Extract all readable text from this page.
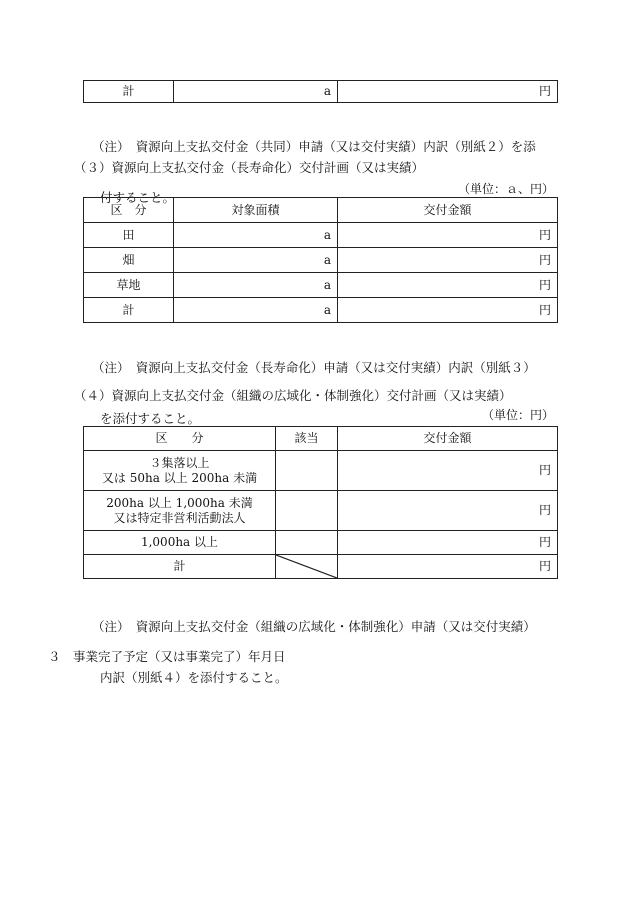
計	a	円

（注）　資源向上支払交付金（共同）申請（又は交付実績）内訳（別紙２）を添

付すること。

（３）資源向上支払交付金（長寿命化）交付計画（又は実績）
（単位：ａ、円）
区　分	対象面積	交付金額
田	a	円
畑	a	円
草地	a	円
計	a	円

（注）　資源向上支払交付金（長寿命化）申請（又は交付実績）内訳（別紙３）

を添付すること。

（４）資源向上支払交付金（組織の広域化・体制強化）交付計画（又は実績）
（単位：円）
区　　分	該当	交付金額

３集落以上
又は 50ha 以上 200ha 未満		円

200ha 以上 1,000ha 未満
又は特定非営利活動法人		円
1,000ha 以上		円
計		円

（注）　資源向上支払交付金（組織の広域化・体制強化）申請（又は交付実績）

内訳（別紙４）を添付すること。

３　事業完了予定（又は事業完了）年月日
